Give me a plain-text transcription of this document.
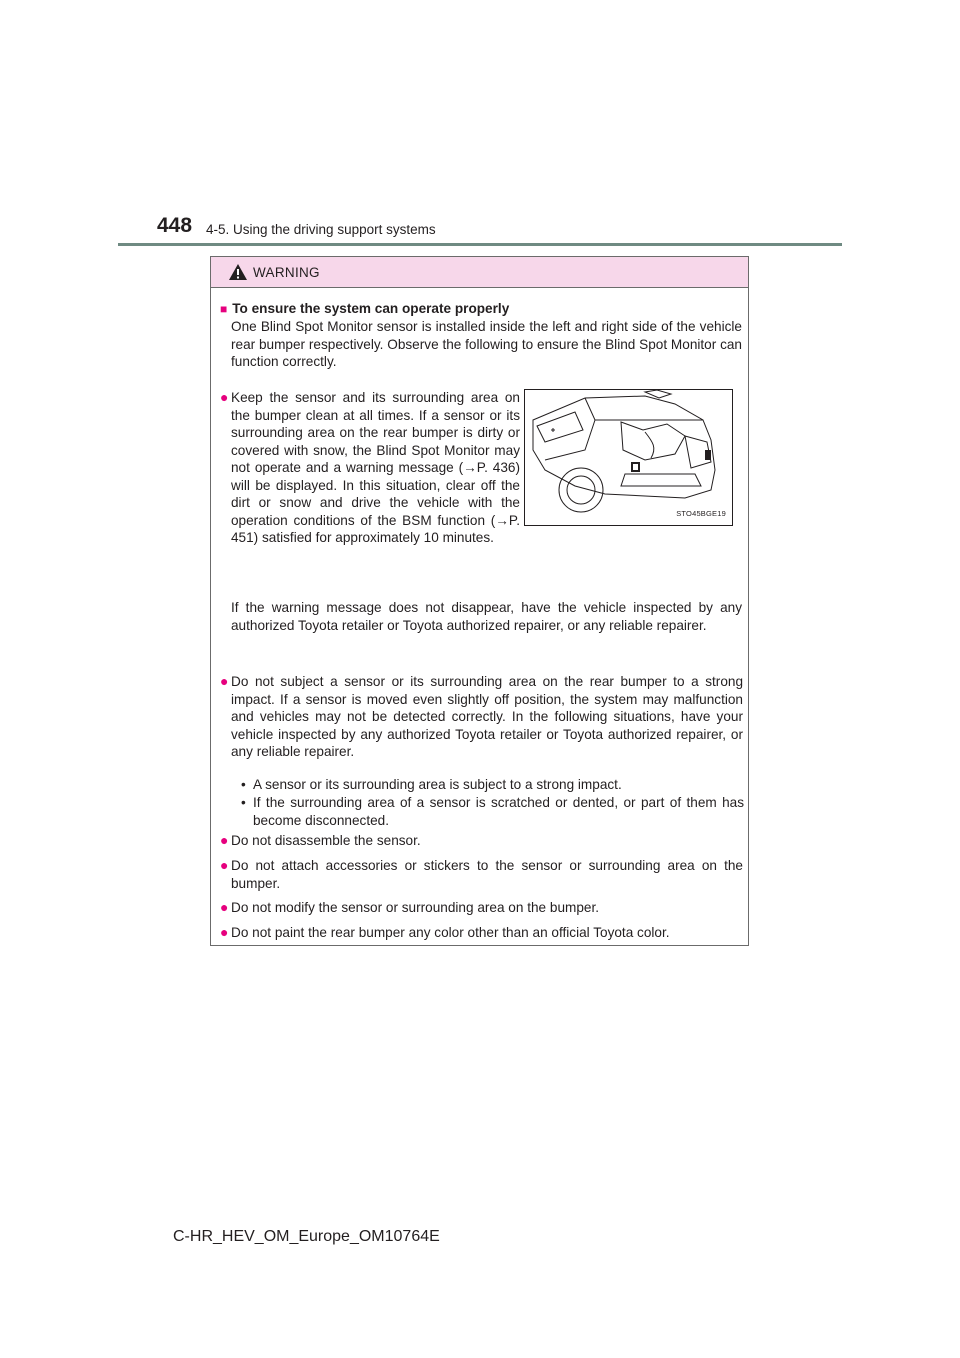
448 4-5. Using the driving support systems
WARNING
■ To ensure the system can operate properly
One Blind Spot Monitor sensor is installed inside the left and right side of the vehicle rear bumper respectively. Observe the following to ensure the Blind Spot Monitor can function correctly.
● Keep the sensor and its surrounding area on the bumper clean at all times. If a sensor or its surrounding area on the rear bumper is dirty or covered with snow, the Blind Spot Monitor may not operate and a warning message (→P. 436) will be displayed. In this situation, clear off the dirt or snow and drive the vehicle with the operation conditions of the BSM function (→P. 451) satisfied for approximately 10 minutes.
STO45BGE19
If the warning message does not disappear, have the vehicle inspected by any authorized Toyota retailer or Toyota authorized repairer, or any reliable repairer.
● Do not subject a sensor or its surrounding area on the rear bumper to a strong impact. If a sensor is moved even slightly off position, the system may malfunction and vehicles may not be detected correctly. In the following situations, have your vehicle inspected by any authorized Toyota retailer or Toyota authorized repairer, or any reliable repairer.
• A sensor or its surrounding area is subject to a strong impact.
• If the surrounding area of a sensor is scratched or dented, or part of them has become disconnected.
● Do not disassemble the sensor.
● Do not attach accessories or stickers to the sensor or surrounding area on the bumper.
● Do not modify the sensor or surrounding area on the bumper.
● Do not paint the rear bumper any color other than an official Toyota color.
C-HR_HEV_OM_Europe_OM10764E
